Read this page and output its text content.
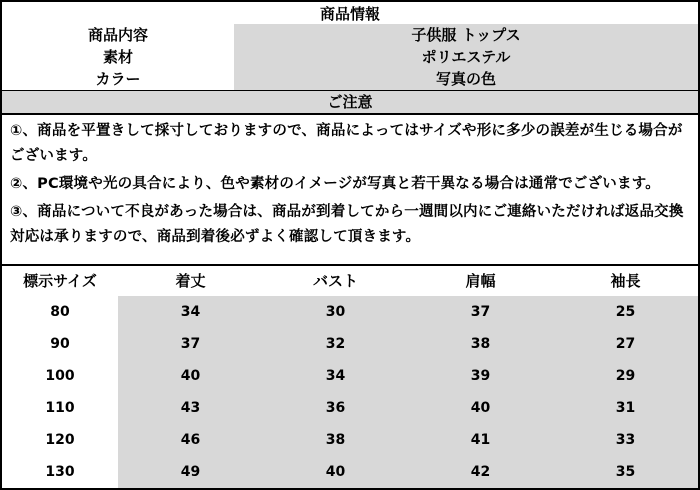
商品情報
商品内容	子供服 トップス
素材	ポリエステル
カラー	写真の色
ご注意
①、商品を平置きして採寸しておりますので、商品によってはサイズや形に多少の誤差が生じる場合がございます。
②、PC環境や光の具合により、色や素材のイメージが写真と若干異なる場合は通常でございます。
③、商品について不良があった場合は、商品が到着してから一週間以内にご連絡いただければ返品交換対応は承りますので、商品到着後必ずよく確認して頂きます。
標示サイズ	着丈	バスト	肩幅	袖長
80	34	30	37	25
90	37	32	38	27
100	40	34	39	29
110	43	36	40	31
120	46	38	41	33
130	49	40	42	35
